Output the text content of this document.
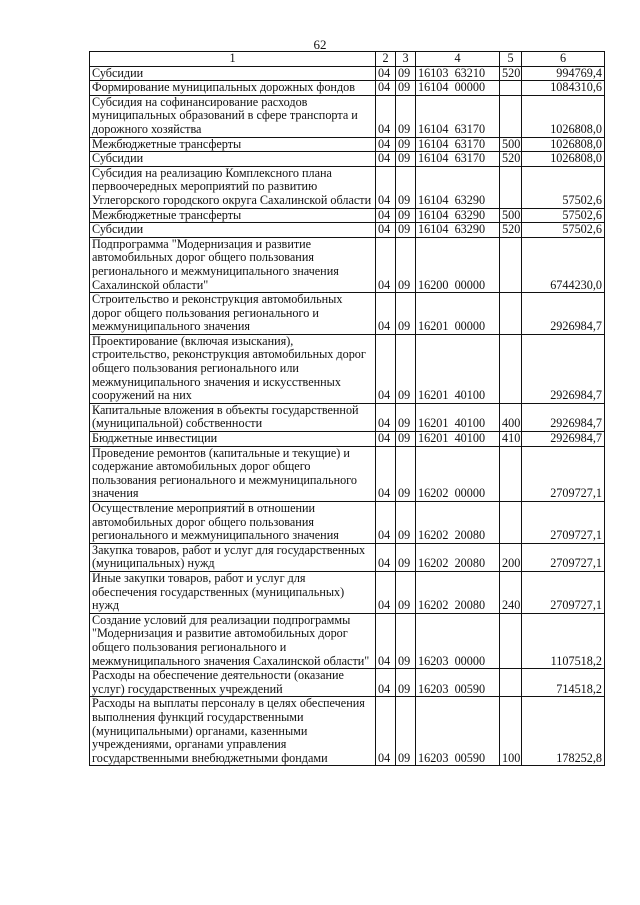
62
1	2	3	4	5	6
Субсидии	04	09	16103  63210	520	994769,4
Формирование муниципальных дорожных фондов	04	09	16104  00000		1084310,6
Субсидия на софинансирование расходов муниципальных образований в сфере транспорта и дорожного хозяйства	04	09	16104  63170		1026808,0
Межбюджетные трансферты	04	09	16104  63170	500	1026808,0
Субсидии	04	09	16104  63170	520	1026808,0
Субсидия на реализацию Комплексного плана первоочередных мероприятий по развитию Углегорского городского округа Сахалинской области	04	09	16104  63290		57502,6
Межбюджетные трансферты	04	09	16104  63290	500	57502,6
Субсидии	04	09	16104  63290	520	57502,6
Подпрограмма "Модернизация и развитие автомобильных дорог общего пользования регионального и межмуниципального значения Сахалинской области"	04	09	16200  00000		6744230,0
Строительство и реконструкция автомобильных дорог общего пользования регионального и межмуниципального значения	04	09	16201  00000		2926984,7
Проектирование (включая изыскания), строительство, реконструкция автомобильных дорог общего пользования регионального или межмуниципального значения и искусственных сооружений на них	04	09	16201  40100		2926984,7
Капитальные вложения в объекты государственной (муниципальной) собственности	04	09	16201  40100	400	2926984,7
Бюджетные инвестиции	04	09	16201  40100	410	2926984,7
Проведение ремонтов (капитальные и текущие) и содержание автомобильных дорог общего пользования регионального и межмуниципального значения	04	09	16202  00000		2709727,1
Осуществление мероприятий в отношении автомобильных дорог общего пользования регионального и межмуниципального значения	04	09	16202  20080		2709727,1
Закупка товаров, работ и услуг для государственных (муниципальных) нужд	04	09	16202  20080	200	2709727,1
Иные закупки товаров, работ и услуг для обеспечения государственных (муниципальных) нужд	04	09	16202  20080	240	2709727,1
Создание условий для реализации подпрограммы "Модернизация и развитие автомобильных дорог общего пользования регионального и межмуниципального значения Сахалинской области"	04	09	16203  00000		1107518,2
Расходы на обеспечение деятельности (оказание услуг) государственных учреждений	04	09	16203  00590		714518,2
Расходы на выплаты персоналу в целях обеспечения выполнения функций государственными (муниципальными) органами, казенными учреждениями, органами управления государственными внебюджетными фондами	04	09	16203  00590	100	178252,8
